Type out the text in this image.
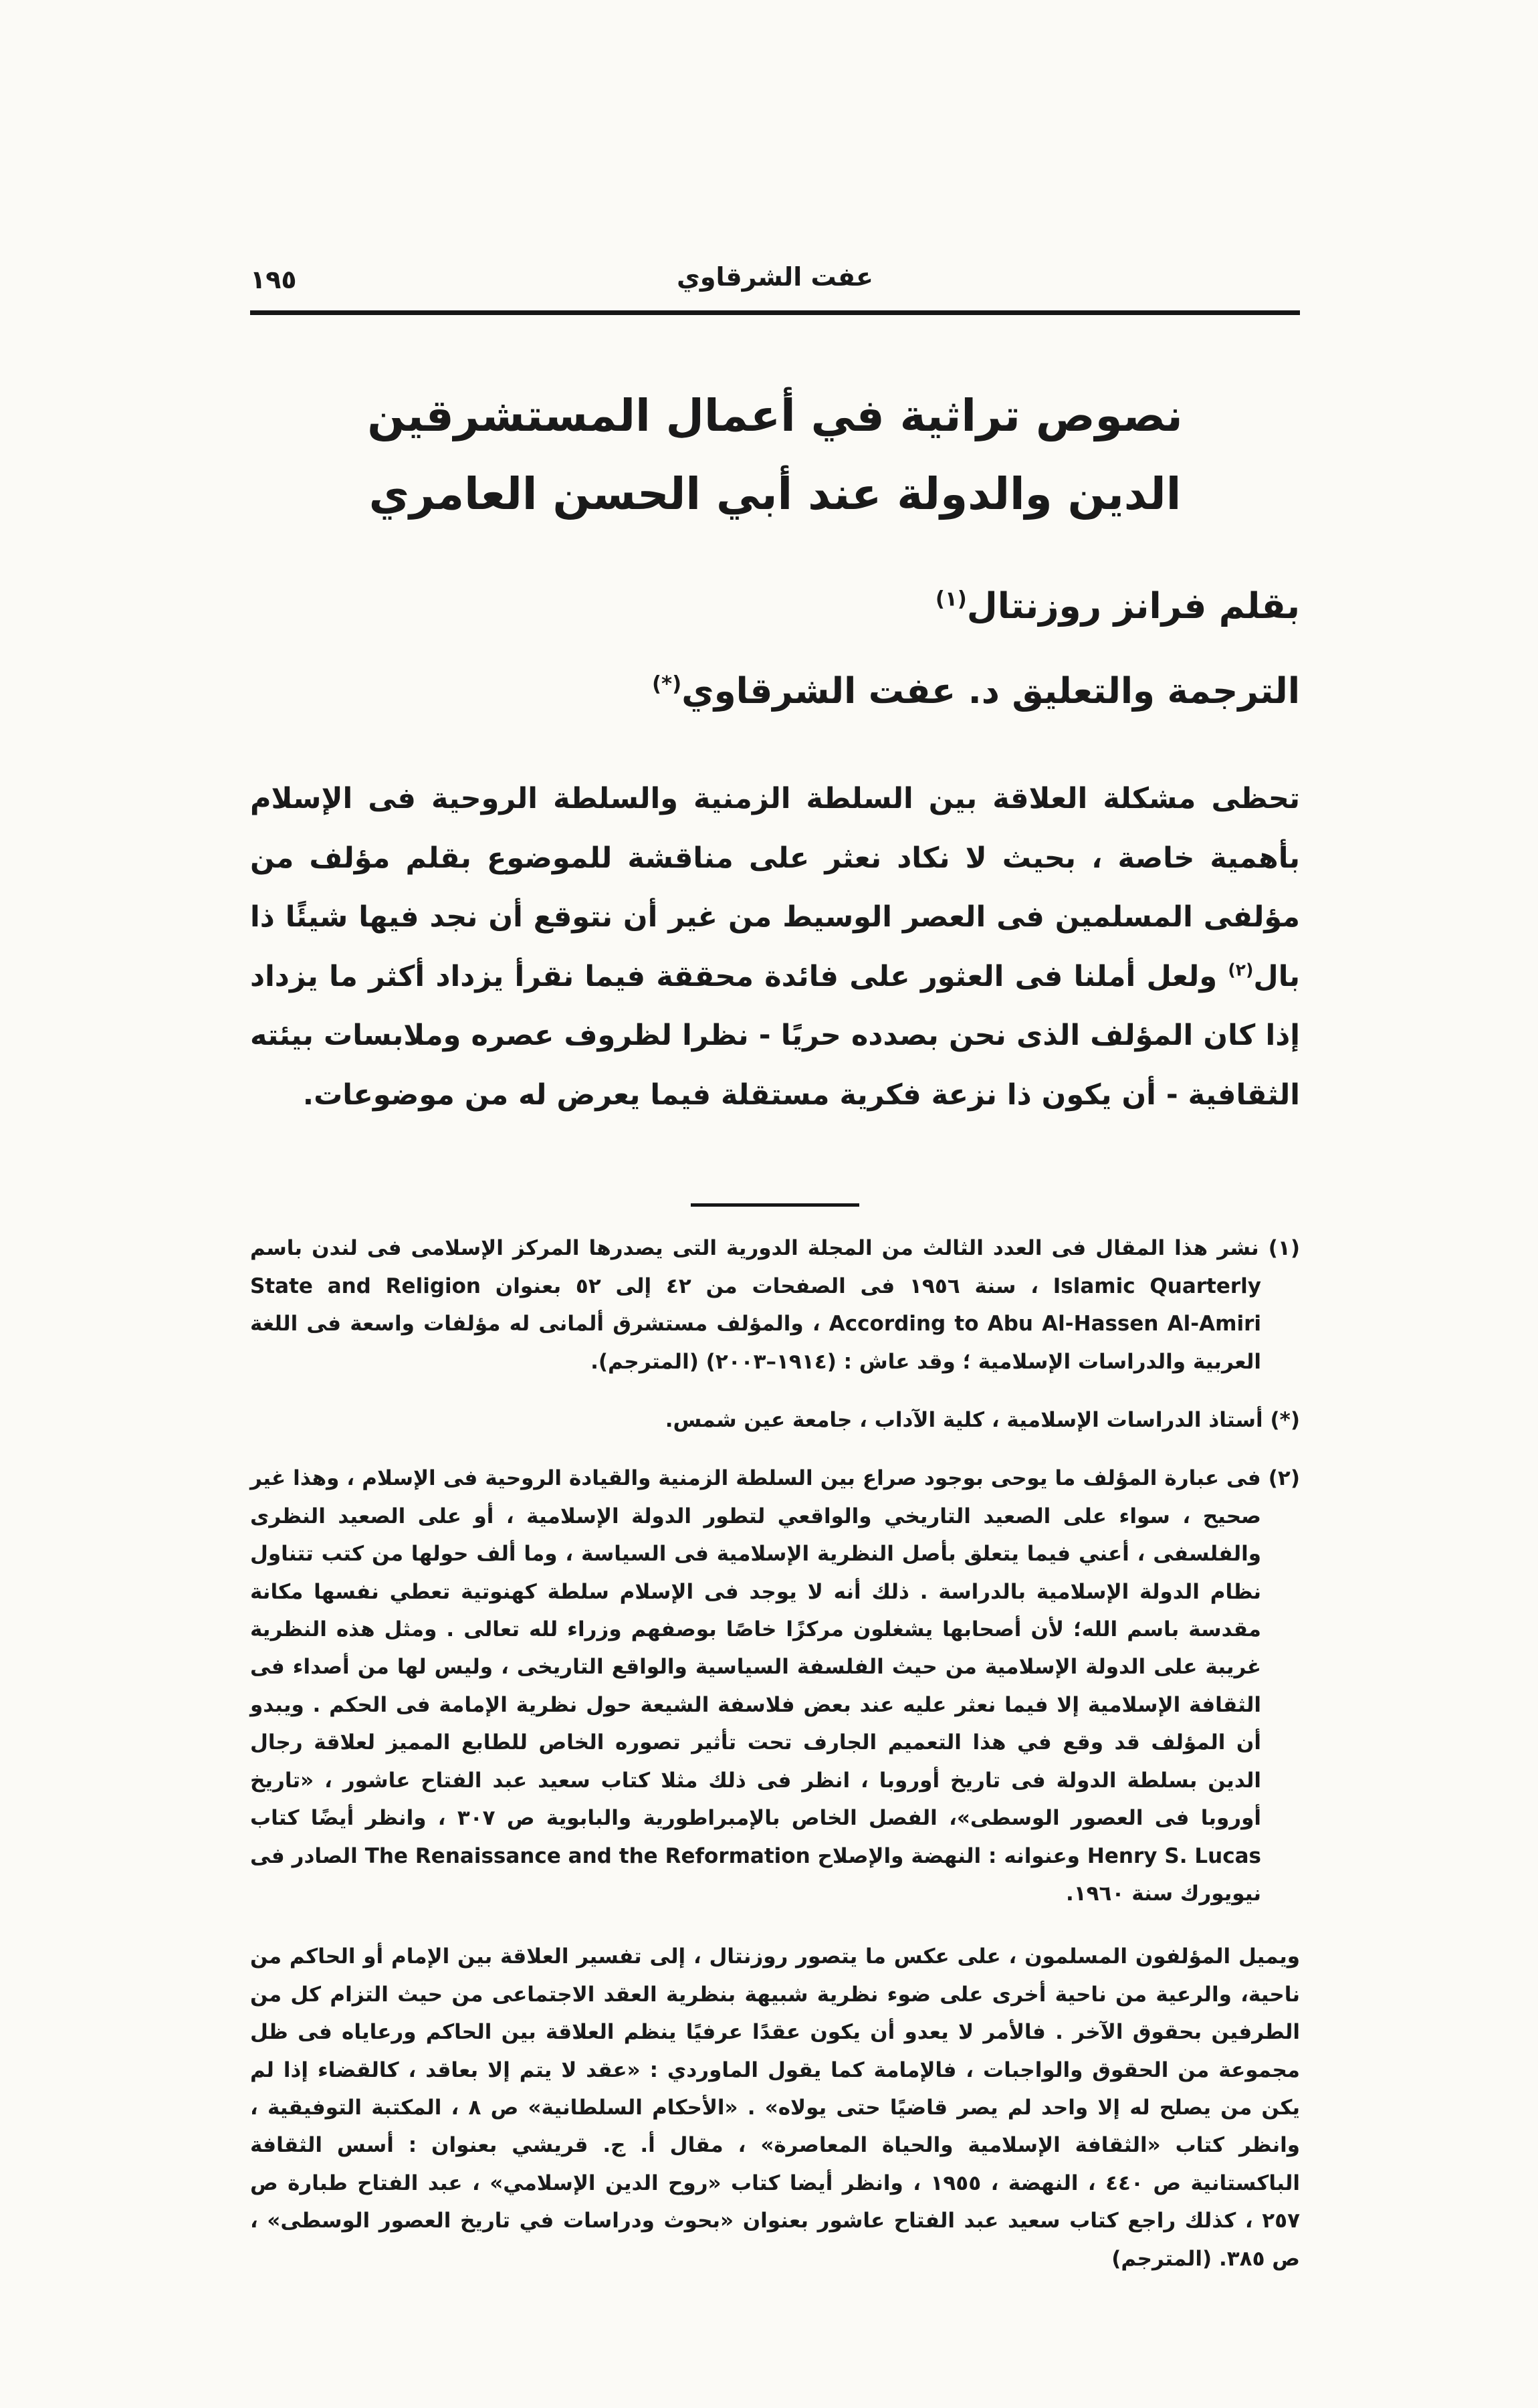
١٩٥	عفت الشرقاوي
نصوص تراثية في أعمال المستشرقين
الدين والدولة عند أبي الحسن العامري
بقلم فرانز روزنتال$^{(١)}$
الترجمة والتعليق د. عفت الشرقاوي(*)

تحظى مشكلة العلاقة بين السلطة الزمنية والسلطة الروحية فى الإسلام بأهمية خاصة ، بحيث لا نكاد نعثر على مناقشة للموضوع بقلم مؤلف من مؤلفى المسلمين فى العصر الوسيط من غير أن نتوقع أن نجد فيها شيئًا ذا بال$^{(٢)}$ ولعل أملنا فى العثور على فائدة محققة فيما نقرأ يزداد أكثر ما يزداد إذا كان المؤلف الذى نحن بصدده حريًا - نظرا لظروف عصره وملابسات بيئته الثقافية - أن يكون ذا نزعة فكرية مستقلة فيما يعرض له من موضوعات.

(١) نشر هذا المقال فى العدد الثالث من المجلة الدورية التى يصدرها المركز الإسلامى فى لندن باسم Islamic Quarterly ، سنة ١٩٥٦ فى الصفحات من ٤٢ إلى ٥٢ بعنوان State and Religion According to Abu Al-Hassen Al-Amiri ، والمؤلف مستشرق ألمانى له مؤلفات واسعة فى اللغة العربية والدراسات الإسلامية ؛ وقد عاش : (١٩١٤–٢٠٠٣) (المترجم).

(*) أستاذ الدراسات الإسلامية ، كلية الآداب ، جامعة عين شمس.

(٢) فى عبارة المؤلف ما يوحى بوجود صراع بين السلطة الزمنية والقيادة الروحية فى الإسلام ، وهذا غير صحيح ، سواء على الصعيد التاريخي والواقعي لتطور الدولة الإسلامية ، أو على الصعيد النظرى والفلسفى ، أعني فيما يتعلق بأصل النظرية الإسلامية فى السياسة ، وما ألف حولها من كتب تتناول نظام الدولة الإسلامية بالدراسة . ذلك أنه لا يوجد فى الإسلام سلطة كهنوتية تعطي نفسها مكانة مقدسة باسم الله؛ لأن أصحابها يشغلون مركزًا خاصًا بوصفهم وزراء لله تعالى . ومثل هذه النظرية غريبة على الدولة الإسلامية من حيث الفلسفة السياسية والواقع التاريخى ، وليس لها من أصداء فى الثقافة الإسلامية إلا فيما نعثر عليه عند بعض فلاسفة الشيعة حول نظرية الإمامة فى الحكم . ويبدو أن المؤلف قد وقع في هذا التعميم الجارف تحت تأثير تصوره الخاص للطابع المميز لعلاقة رجال الدين بسلطة الدولة فى تاريخ أوروبا ، انظر فى ذلك مثلا كتاب سعيد عبد الفتاح عاشور ، «تاريخ أوروبا فى العصور الوسطى»، الفصل الخاص بالإمبراطورية والبابوية ص ٣٠٧ ، وانظر أيضًا كتاب Henry S. Lucas وعنوانه : النهضة والإصلاح The Renaissance and the Reformation الصادر فى نيويورك سنة ١٩٦٠.

ويميل المؤلفون المسلمون ، على عكس ما يتصور روزنتال ، إلى تفسير العلاقة بين الإمام أو الحاكم من ناحية، والرعية من ناحية أخرى على ضوء نظرية شبيهة بنظرية العقد الاجتماعى من حيث التزام كل من الطرفين بحقوق الآخر . فالأمر لا يعدو أن يكون عقدًا عرفيًا ينظم العلاقة بين الحاكم ورعاياه فى ظل مجموعة من الحقوق والواجبات ، فالإمامة كما يقول الماوردي : «عقد لا يتم إلا بعاقد ، كالقضاء إذا لم يكن من يصلح له إلا واحد لم يصر قاضيًا حتى يولاه» . «الأحكام السلطانية» ص ٨ ، المكتبة التوفيقية ، وانظر كتاب «الثقافة الإسلامية والحياة المعاصرة» ، مقال أ. ج. قريشي بعنوان : أسس الثقافة الباكستانية ص ٤٤٠ ، النهضة ، ١٩٥٥ ، وانظر أيضا كتاب «روح الدين الإسلامي» ، عبد الفتاح طبارة ص ٢٥٧ ، كذلك راجع كتاب سعيد عبد الفتاح عاشور بعنوان «بحوث ودراسات في تاريخ العصور الوسطى» ، ص ٣٨٥. (المترجم)
